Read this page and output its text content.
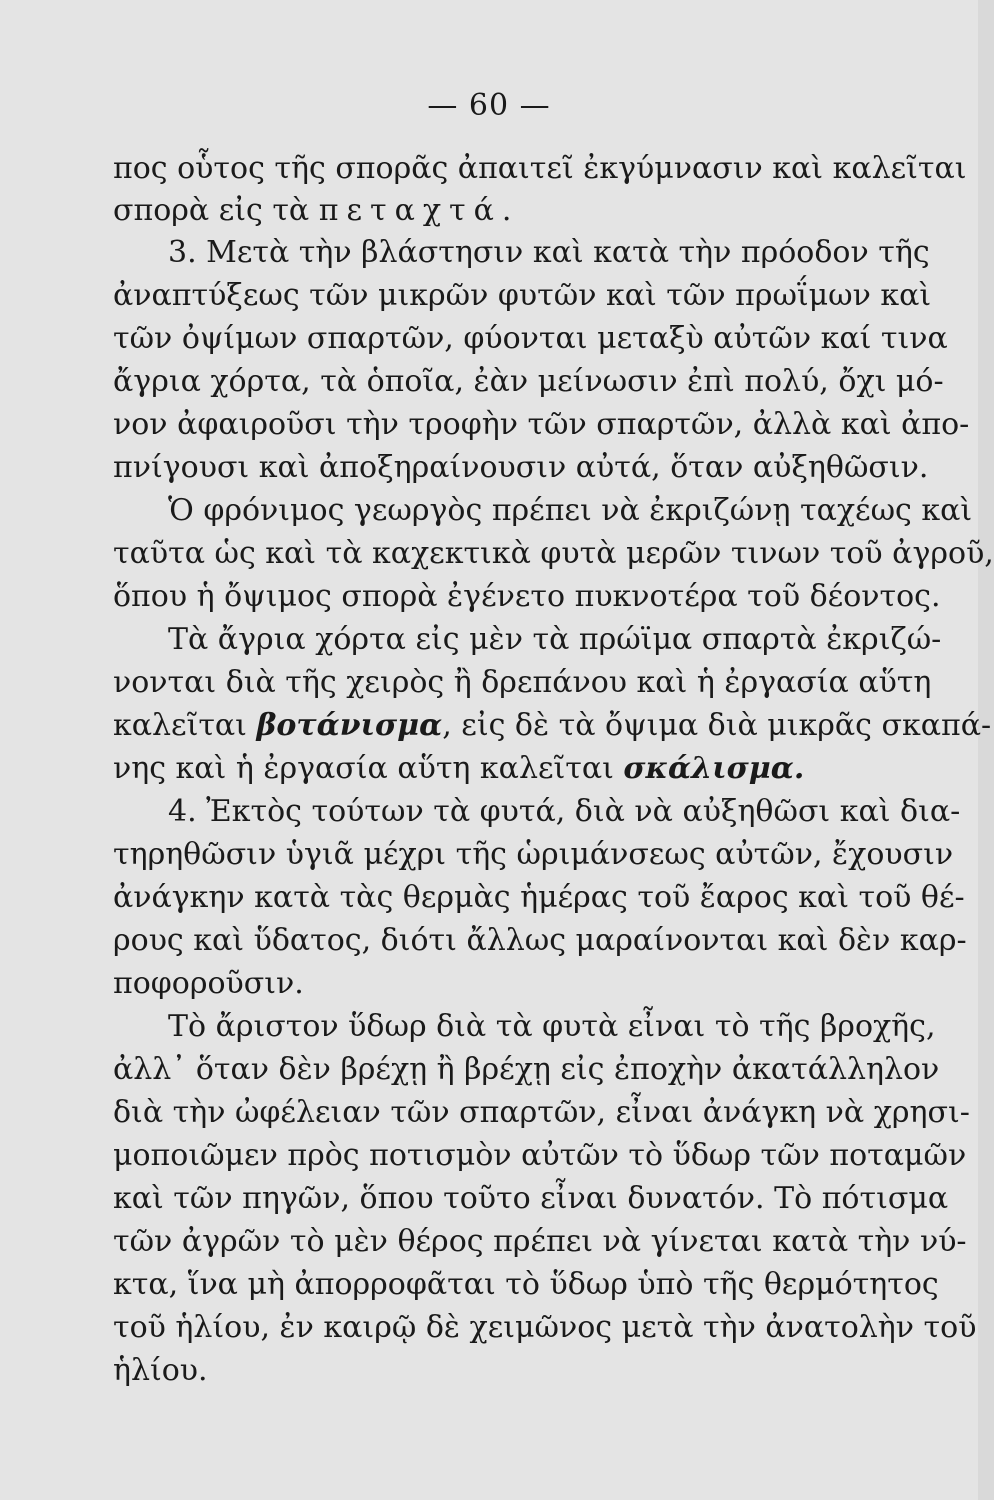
— 60 —
πος οὗτος τῆς σπορᾶς ἀπαιτεῖ ἐκγύμνασιν καὶ καλεῖται
σπορὰ εἰς τὰ πεταχτά.
3. Μετὰ τὴν βλάστησιν καὶ κατὰ τὴν πρόοδον τῆς
ἀναπτύξεως τῶν μικρῶν φυτῶν καὶ τῶν πρωΐμων καὶ
τῶν ὀψίμων σπαρτῶν, φύονται μεταξὺ αὐτῶν καί τινα
ἄγρια χόρτα, τὰ ὁποῖα, ἐὰν μείνωσιν ἐπὶ πολύ, ὄχι μό-
νον ἀφαιροῦσι τὴν τροφὴν τῶν σπαρτῶν, ἀλλὰ καὶ ἀπο-
πνίγουσι καὶ ἀποξηραίνουσιν αὐτά, ὅταν αὐξηθῶσιν.
Ὁ φρόνιμος γεωργὸς πρέπει νὰ ἐκριζώνῃ ταχέως καὶ
ταῦτα ὡς καὶ τὰ καχεκτικὰ φυτὰ μερῶν τινων τοῦ ἀγροῦ,
ὅπου ἡ ὄψιμος σπορὰ ἐγένετο πυκνοτέρα τοῦ δέοντος.
Τὰ ἄγρια χόρτα εἰς μὲν τὰ πρώϊμα σπαρτὰ ἐκριζώ-
νονται διὰ τῆς χειρὸς ἢ δρεπάνου καὶ ἡ ἐργασία αὕτη
καλεῖται βοτάνισμα, εἰς δὲ τὰ ὄψιμα διὰ μικρᾶς σκαπά-
νης καὶ ἡ ἐργασία αὕτη καλεῖται σκάλισμα.
4. Ἐκτὸς τούτων τὰ φυτά, διὰ νὰ αὐξηθῶσι καὶ δια-
τηρηθῶσιν ὑγιᾶ μέχρι τῆς ὡριμάνσεως αὐτῶν, ἔχουσιν
ἀνάγκην κατὰ τὰς θερμὰς ἡμέρας τοῦ ἔαρος καὶ τοῦ θέ-
ρους καὶ ὕδατος, διότι ἄλλως μαραίνονται καὶ δὲν καρ-
ποφοροῦσιν.
Τὸ ἄριστον ὕδωρ διὰ τὰ φυτὰ εἶναι τὸ τῆς βροχῆς,
ἀλλ᾿ ὅταν δὲν βρέχῃ ἢ βρέχῃ εἰς ἐποχὴν ἀκατάλληλον
διὰ τὴν ὠφέλειαν τῶν σπαρτῶν, εἶναι ἀνάγκη νὰ χρησι-
μοποιῶμεν πρὸς ποτισμὸν αὐτῶν τὸ ὕδωρ τῶν ποταμῶν
καὶ τῶν πηγῶν, ὅπου τοῦτο εἶναι δυνατόν. Τὸ πότισμα
τῶν ἀγρῶν τὸ μὲν θέρος πρέπει νὰ γίνεται κατὰ τὴν νύ-
κτα, ἵνα μὴ ἀπορροφᾶται τὸ ὕδωρ ὑπὸ τῆς θερμότητος
τοῦ ἡλίου, ἐν καιρῷ δὲ χειμῶνος μετὰ τὴν ἀνατολὴν τοῦ
ἡλίου.
